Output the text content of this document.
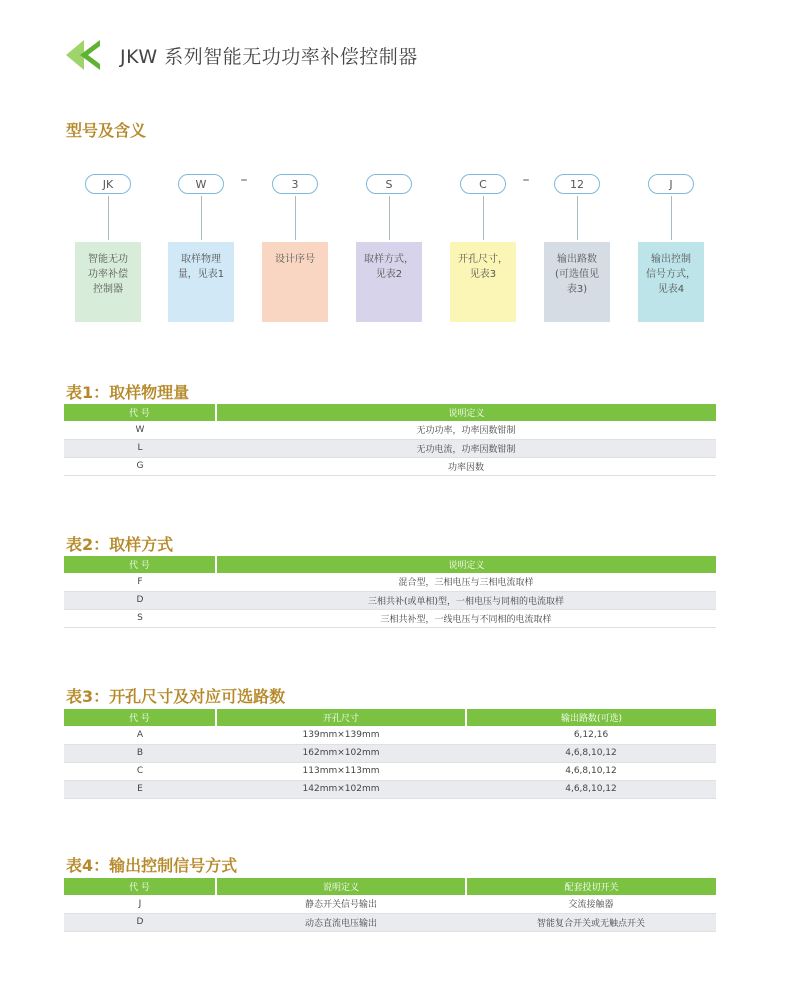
JKW 系列智能无功功率补偿控制器
型号及含义
JK	W	–	3	S	C	–	12	J
智能无功
功率补偿
控制器
取样物理
量，见表1
设计序号	取样方式，
见表2
开孔尺寸，
见表3
输出路数
(可选值见
表3)
输出控制
信号方式，
见表4
表1：取样物理量
代 号	说明定义
W	无功功率，功率因数钳制
L	无功电流，功率因数钳制
G	功率因数
表2：取样方式
代 号	说明定义
F	混合型，三相电压与三相电流取样
D	三相共补(或单相)型，一相电压与同相的电流取样
S	三相共补型，一线电压与不同相的电流取样
表3：开孔尺寸及对应可选路数
代 号	开孔尺寸	输出路数(可选)
A	139mm×139mm	6,12,16
B	162mm×102mm	4,6,8,10,12
C	113mm×113mm	4,6,8,10,12
E	142mm×102mm	4,6,8,10,12
表4：输出控制信号方式
代 号	说明定义	配套投切开关
J	静态开关信号输出	交流接触器
D	动态直流电压输出	智能复合开关或无触点开关
